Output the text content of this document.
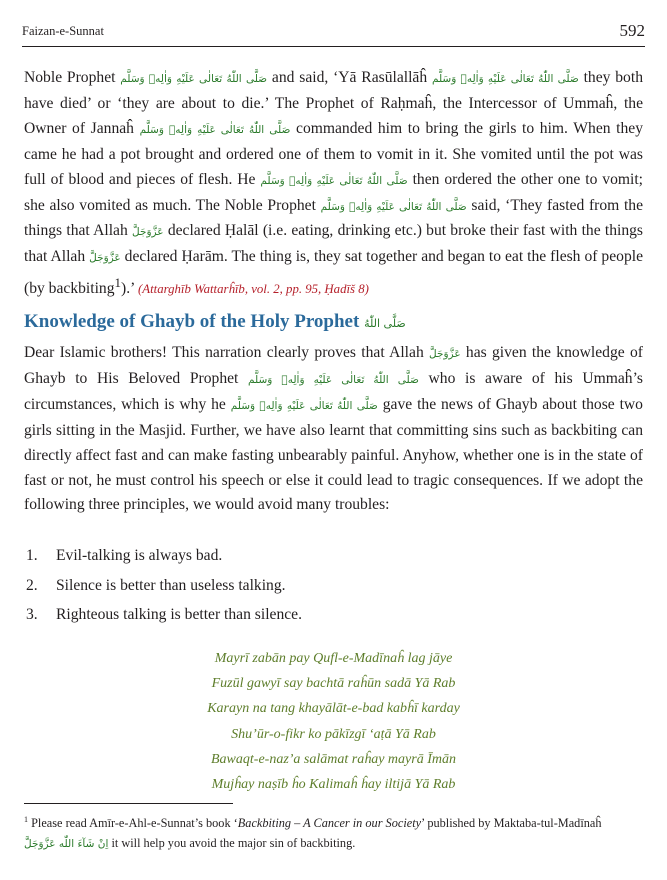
Faizan-e-Sunnat	592

Noble Prophet صَلَّى اللّٰهُ تَعَالٰى عَلَيْهِ وَاٰلِهٖ وَسَلَّم and said, ‘Yā Rasūlallāĥ صَلَّى اللّٰهُ تَعَالٰى عَلَيْهِ وَاٰلِهٖ وَسَلَّم they both have died’ or ‘they are about to die.’ The Prophet of Raḥmaĥ, the Intercessor of Ummaĥ, the Owner of Jannaĥ صَلَّى اللّٰهُ تَعَالٰى عَلَيْهِ وَاٰلِهٖ وَسَلَّم commanded him to bring the girls to him. When they came he had a pot brought and ordered one of them to vomit in it. She vomited until the pot was full of blood and pieces of flesh. He صَلَّى اللّٰهُ تَعَالٰى عَلَيْهِ وَاٰلِهٖ وَسَلَّم then ordered the other one to vomit; she also vomited as much. The Noble Prophet صَلَّى اللّٰهُ تَعَالٰى عَلَيْهِ وَاٰلِهٖ وَسَلَّم said, ‘They fasted from the things that Allah عَزَّوَجَلَّ declared Ḥalāl (i.e. eating, drinking etc.) but broke their fast with the things that Allah عَزَّوَجَلَّ declared Ḥarām. The thing is, they sat together and began to eat the flesh of people (by backbiting$^1$).’ (Attarghīb Wattarĥīb, vol. 2, pp. 95, Ḥadīš 8)

Knowledge of Ghayb of the Holy Prophet صَلَّى اللّٰهُ

Dear Islamic brothers! This narration clearly proves that Allah عَزَّوَجَلَّ has given the knowledge of Ghayb to His Beloved Prophet صَلَّى اللّٰهُ تَعَالٰى عَلَيْهِ وَاٰلِهٖ وَسَلَّم who is aware of his Ummaĥ’s circumstances, which is why he صَلَّى اللّٰهُ تَعَالٰى عَلَيْهِ وَاٰلِهٖ وَسَلَّم gave the news of Ghayb about those two girls sitting in the Masjid. Further, we have also learnt that committing sins such as backbiting can directly affect fast and can make fasting unbearably painful. Anyhow, whether one is in the state of fast or not, he must control his speech or else it could lead to tragic consequences. If we adopt the following three principles, we would avoid many troubles:

1. Evil-talking is always bad.
2. Silence is better than useless talking.
3. Righteous talking is better than silence.
Mayrī zabān pay Qufl-e-Madīnaĥ lag jāye
Fuzūl gawyī say bachtā raĥūn sadā Yā Rab
Karayn na tang khayālāt-e-bad kabĥī karday
Shu’ūr-o-fikr ko pākīzgī ‘aṭā Yā Rab
Bawaqt-e-naz’a salāmat raĥay mayrā Īmān
Mujĥay naṣīb ĥo Kalimaĥ ĥay iltijā Yā Rab
$^1$ Please read Amīr-e-Ahl-e-Sunnat’s book ‘Backbiting – A Cancer in our Society’ published by Maktaba-tul-Madīnaĥ
اِنْ شَآءَ اللّٰه عَزَّوَجَلَّ it will help you avoid the major sin of backbiting.
